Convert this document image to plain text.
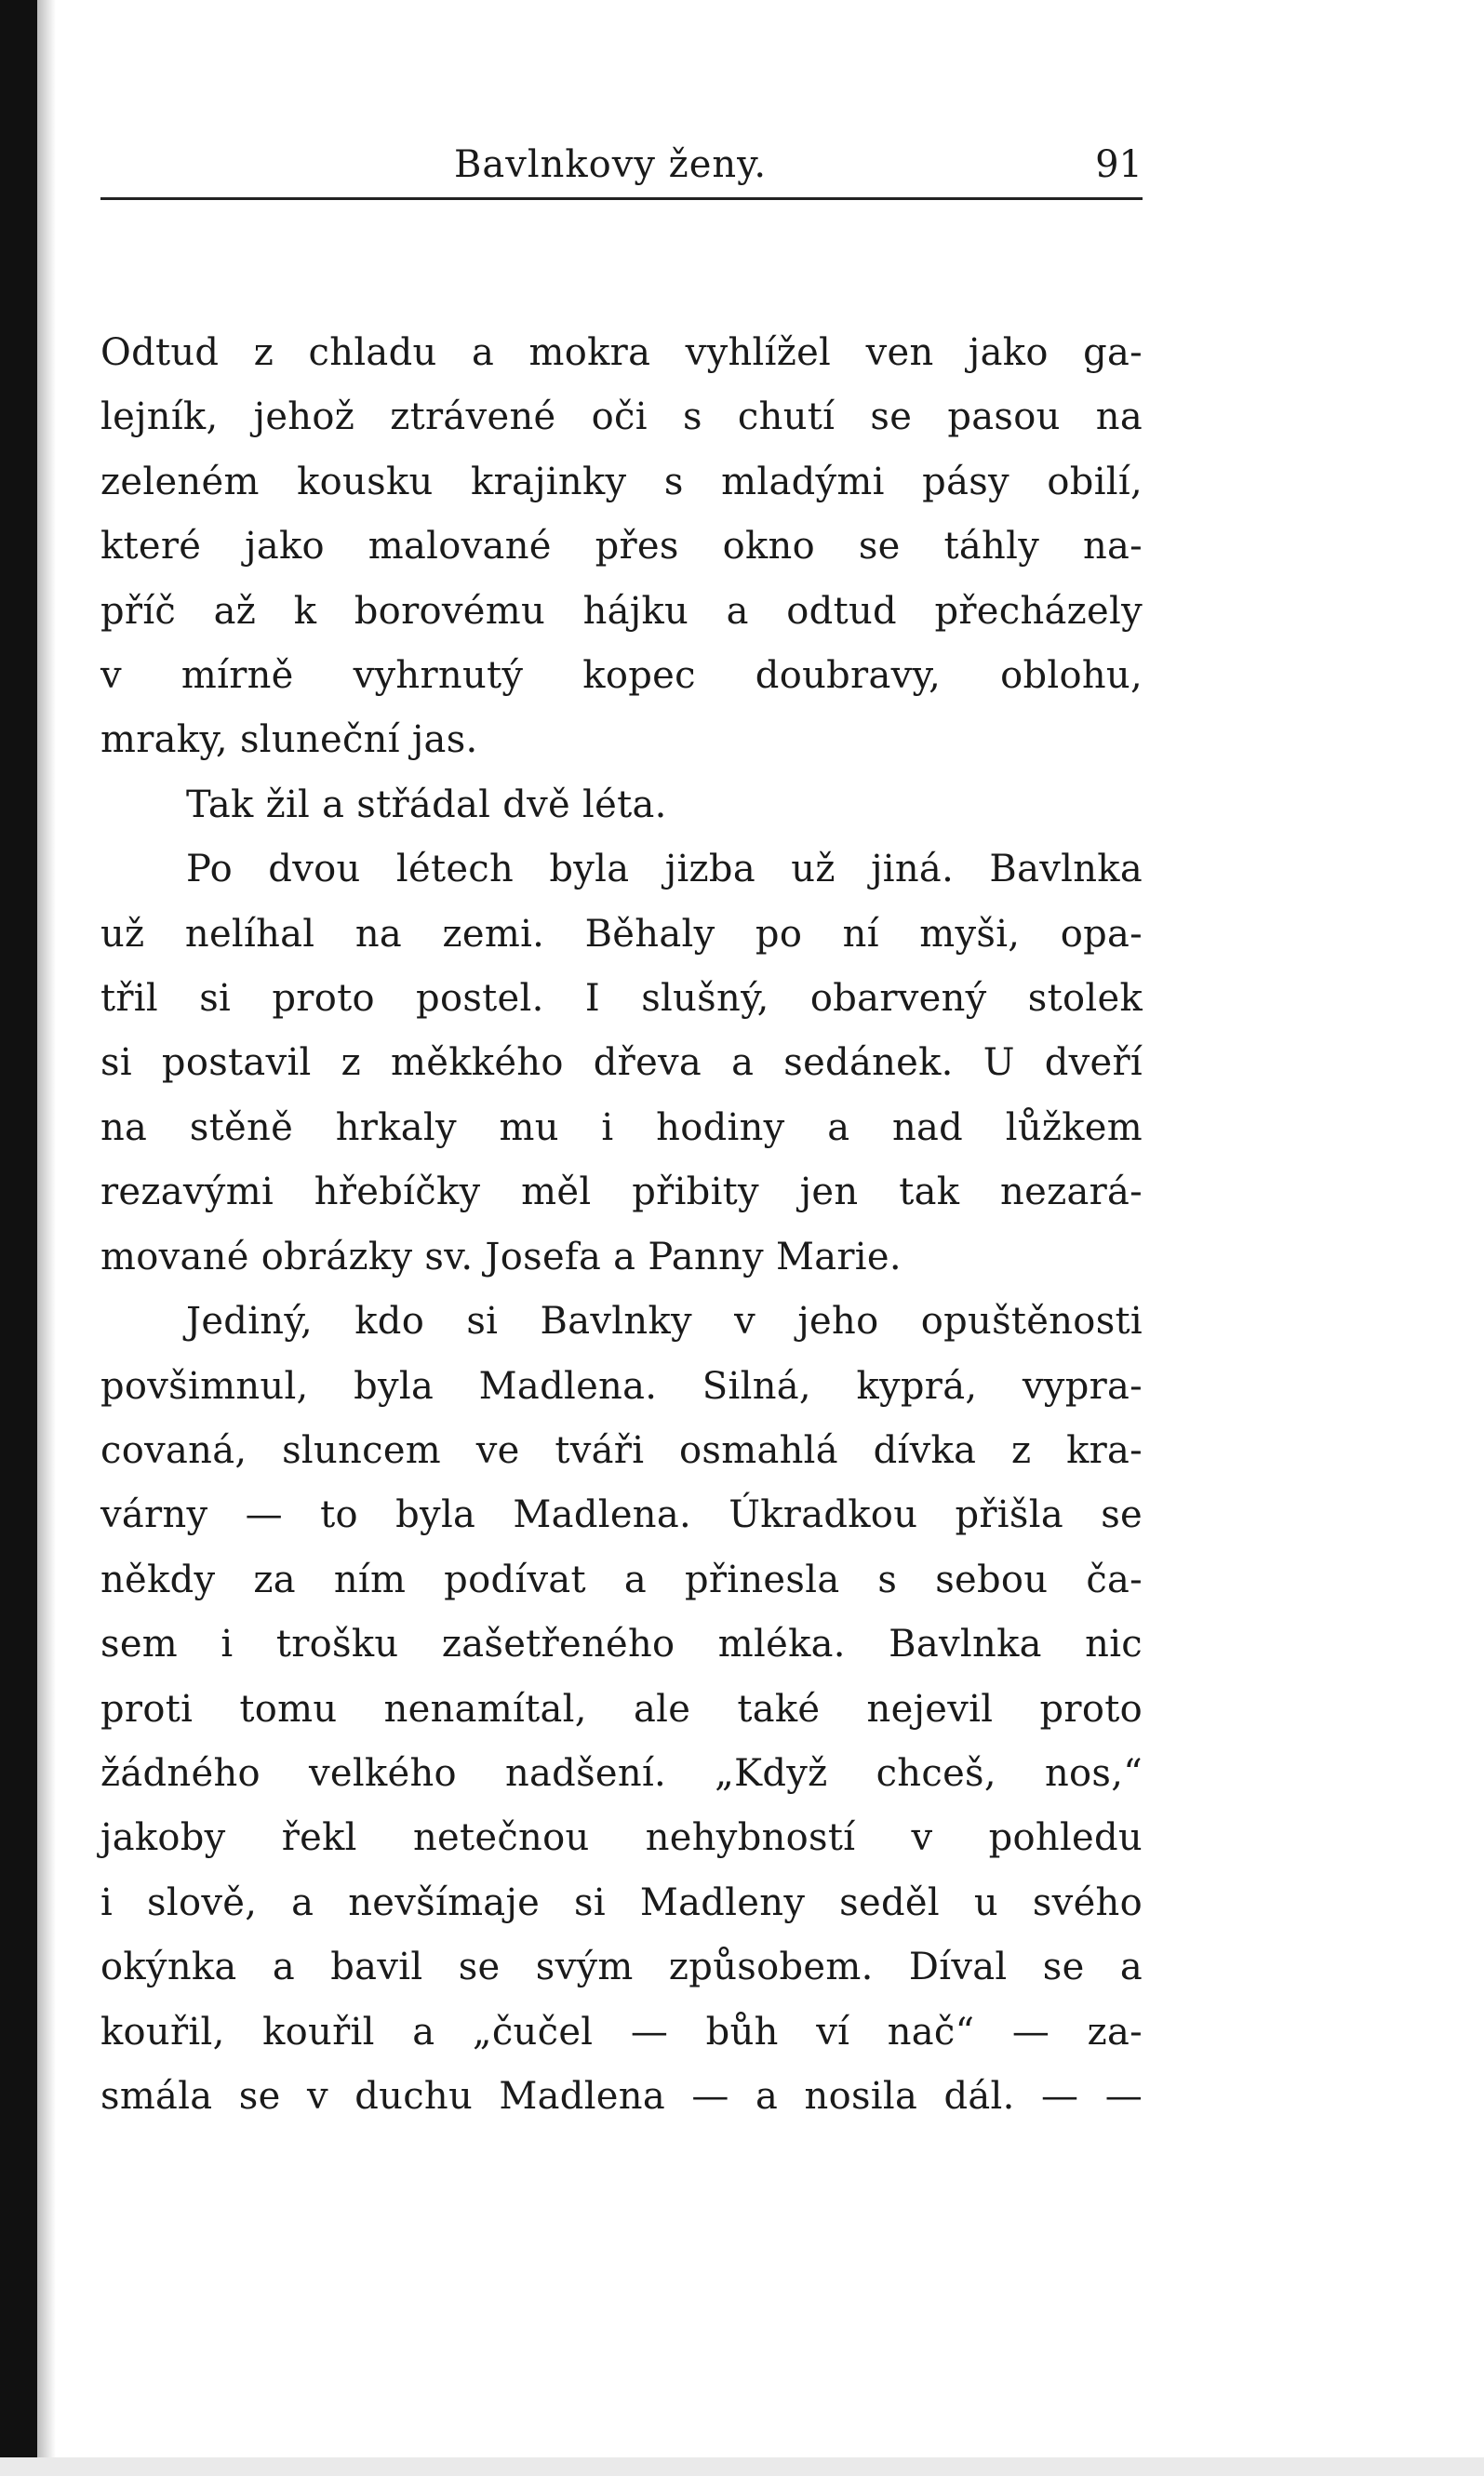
Bavlnkovy ženy.	91
Odtud z chladu a mokra vyhlížel ven jako ga-
lejník, jehož ztrávené oči s chutí se pasou na
zeleném kousku krajinky s mladými pásy obilí,
které jako malované přes okno se táhly na-
příč až k borovému hájku a odtud přecházely
v mírně vyhrnutý kopec doubravy, oblohu,
mraky, sluneční jas.
Tak žil a střádal dvě léta.
Po dvou létech byla jizba už jiná. Bavlnka
už nelíhal na zemi. Běhaly po ní myši, opa-
třil si proto postel. I slušný, obarvený stolek
si postavil z měkkého dřeva a sedánek. U dveří
na stěně hrkaly mu i hodiny a nad lůžkem
rezavými hřebíčky měl přibity jen tak nezará-
mované obrázky sv. Josefa a Panny Marie.
Jediný, kdo si Bavlnky v jeho opuštěnosti
povšimnul, byla Madlena. Silná, kyprá, vypra-
covaná, sluncem ve tváři osmahlá dívka z kra-
várny — to byla Madlena. Úkradkou přišla se
někdy za ním podívat a přinesla s sebou ča-
sem i trošku zašetřeného mléka. Bavlnka nic
proti tomu nenamítal, ale také nejevil proto
žádného velkého nadšení. „Když chceš, nos,“
jakoby řekl netečnou nehybností v pohledu
i slově, a nevšímaje si Madleny seděl u svého
okýnka a bavil se svým způsobem. Díval se a
kouřil, kouřil a „čučel — bůh ví nač“ — za-
smála se v duchu Madlena — a nosila dál. — —
